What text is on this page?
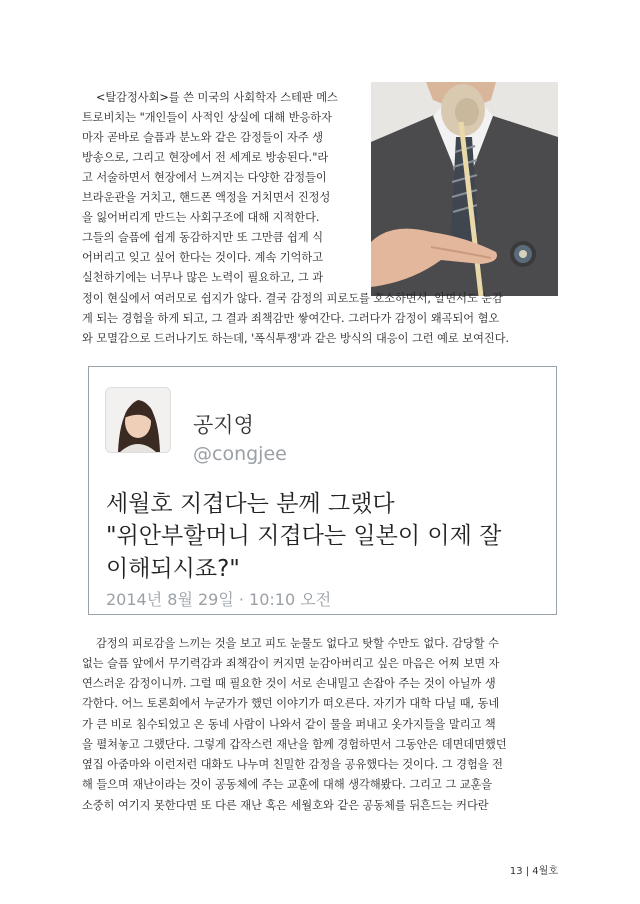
<탈감정사회>를 쓴 미국의 사회학자 스테판 메스
트로비치는 "개인들이 사적인 상실에 대해 반응하자
마자 곧바로 슬픔과 분노와 같은 감정들이 자주 생
방송으로, 그리고 현장에서 전 세계로 방송된다."라
고 서술하면서 현장에서 느껴지는 다양한 감정들이
브라운관을 거치고, 핸드폰 액정을 거치면서 진정성
을 잃어버리게 만드는 사회구조에 대해 지적한다.
그들의 슬픔에 쉽게 동감하지만 또 그만큼 쉽게 식
어버리고 잊고 싶어 한다는 것이다. 계속 기억하고
실천하기에는 너무나 많은 노력이 필요하고, 그 과
정이 현실에서 여러모로 쉽지가 않다. 결국 감정의 피로도를 호소하면서, 알면서도 눈감
게 되는 경험을 하게 되고, 그 결과 죄책감만 쌓여간다. 그러다가 감정이 왜곡되어 혐오
와 모멸감으로 드러나기도 하는데, '폭식투쟁'과 같은 방식의 대응이 그런 예로 보여진다.
공지영
@congjee
세월호 지겹다는 분께 그랬다
"위안부할머니 지겹다는 일본이 이제 잘
이해되시죠?"
2014년 8월 29일 · 10:10 오전
감정의 피로감을 느끼는 것을 보고 피도 눈물도 없다고 탓할 수만도 없다. 감당할 수
없는 슬픔 앞에서 무기력감과 죄책감이 커지면 눈감아버리고 싶은 마음은 어찌 보면 자
연스러운 감정이니까. 그럴 때 필요한 것이 서로 손내밀고 손잡아 주는 것이 아닐까 생
각한다. 어느 토론회에서 누군가가 했던 이야기가 떠오른다. 자기가 대학 다닐 때, 동네
가 큰 비로 침수되었고 온 동네 사람이 나와서 같이 물을 퍼내고 옷가지들을 말리고 책
을 펼쳐놓고 그랬단다. 그렇게 갑작스런 재난을 함께 경험하면서 그동안은 데면데면했던
옆집 아줌마와 이런저런 대화도 나누며 친밀한 감정을 공유했다는 것이다. 그 경험을 전
해 들으며 재난이라는 것이 공동체에 주는 교훈에 대해 생각해봤다. 그리고 그 교훈을
소중히 여기지 못한다면 또 다른 재난 혹은 세월호와 같은 공동체를 뒤흔드는 커다란
13 | 4월호
